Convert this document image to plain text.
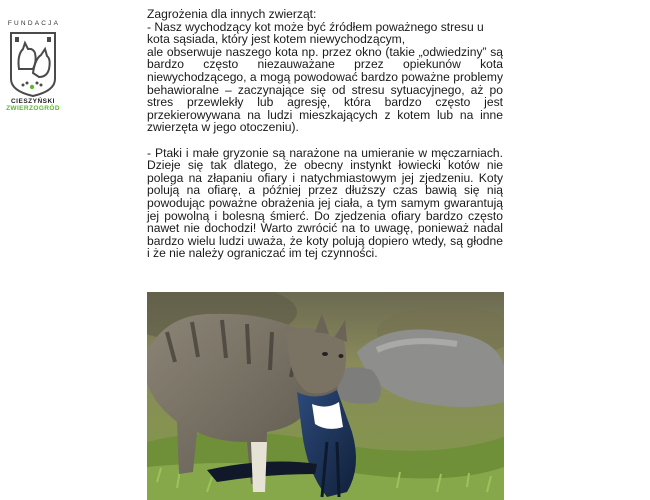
FUNDACJA
CIESZYŃSKI
ZWIERZOGRÓD

Zagrożenia dla innych zwierząt:

- Nasz wychodzący kot może być źródłem poważnego stresu u kota sąsiada, który jest kotem niewychodzącym,

ale obserwuje naszego kota np. przez okno (takie „odwiedziny” są bardzo często niezauważane przez opiekunów kota niewychodzącego, a mogą powodować bardzo poważne problemy behawioralne – zaczynające się od stresu sytuacyjnego, aż po stres przewlekły lub agresję, która bardzo często jest przekierowywana na ludzi mieszkających z kotem lub na inne zwierzęta w jego otoczeniu).

- Ptaki i małe gryzonie są narażone na umieranie w męczarniach. Dzieje się tak dlatego, że obecny instynkt łowiecki kotów nie polega na złapaniu ofiary i natychmiastowym jej zjedzeniu. Koty polują na ofiarę, a później przez dłuższy czas bawią się nią powodując poważne obrażenia jej ciała, a tym samym gwarantują jej powolną i bolesną śmierć. Do zjedzenia ofiary bardzo często nawet nie dochodzi! Warto zwrócić na to uwagę, ponieważ nadal bardzo wielu ludzi uważa, że koty polują dopiero wtedy, są głodne i że nie należy ograniczać im tej czynności.
